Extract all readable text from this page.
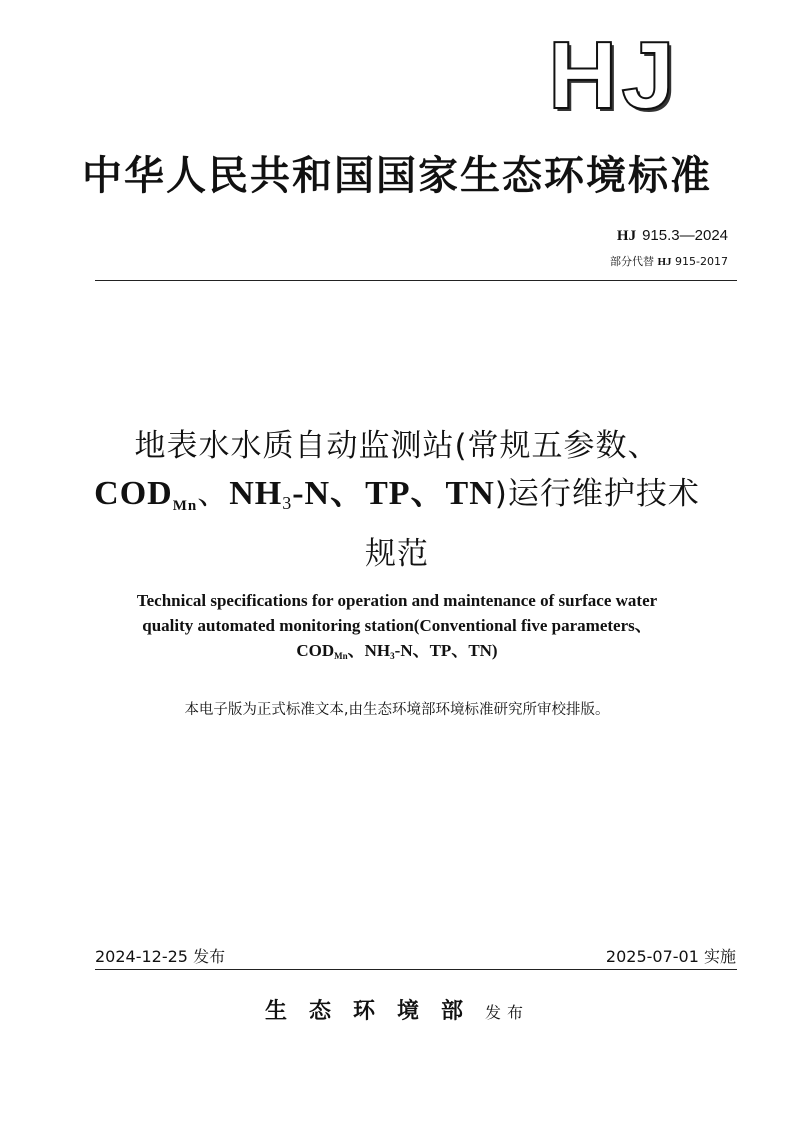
HJ
中华人民共和国国家生态环境标准
HJ 915.3—2024
部分代替 HJ 915-2017
地表水水质自动监测站(常规五参数、
$COD_{Mn}$、NH3-N、TP、TN)运行维护技术
规范
Technical specifications for operation and maintenance of surface water
quality automated monitoring station(Conventional five parameters、
$COD_{Mn}$、$NH_3-N$、TP、TN)
本电子版为正式标准文本,由生态环境部环境标准研究所审校排版。
2024-12-25 发布	2025-07-01 实施
生态环境部发布
